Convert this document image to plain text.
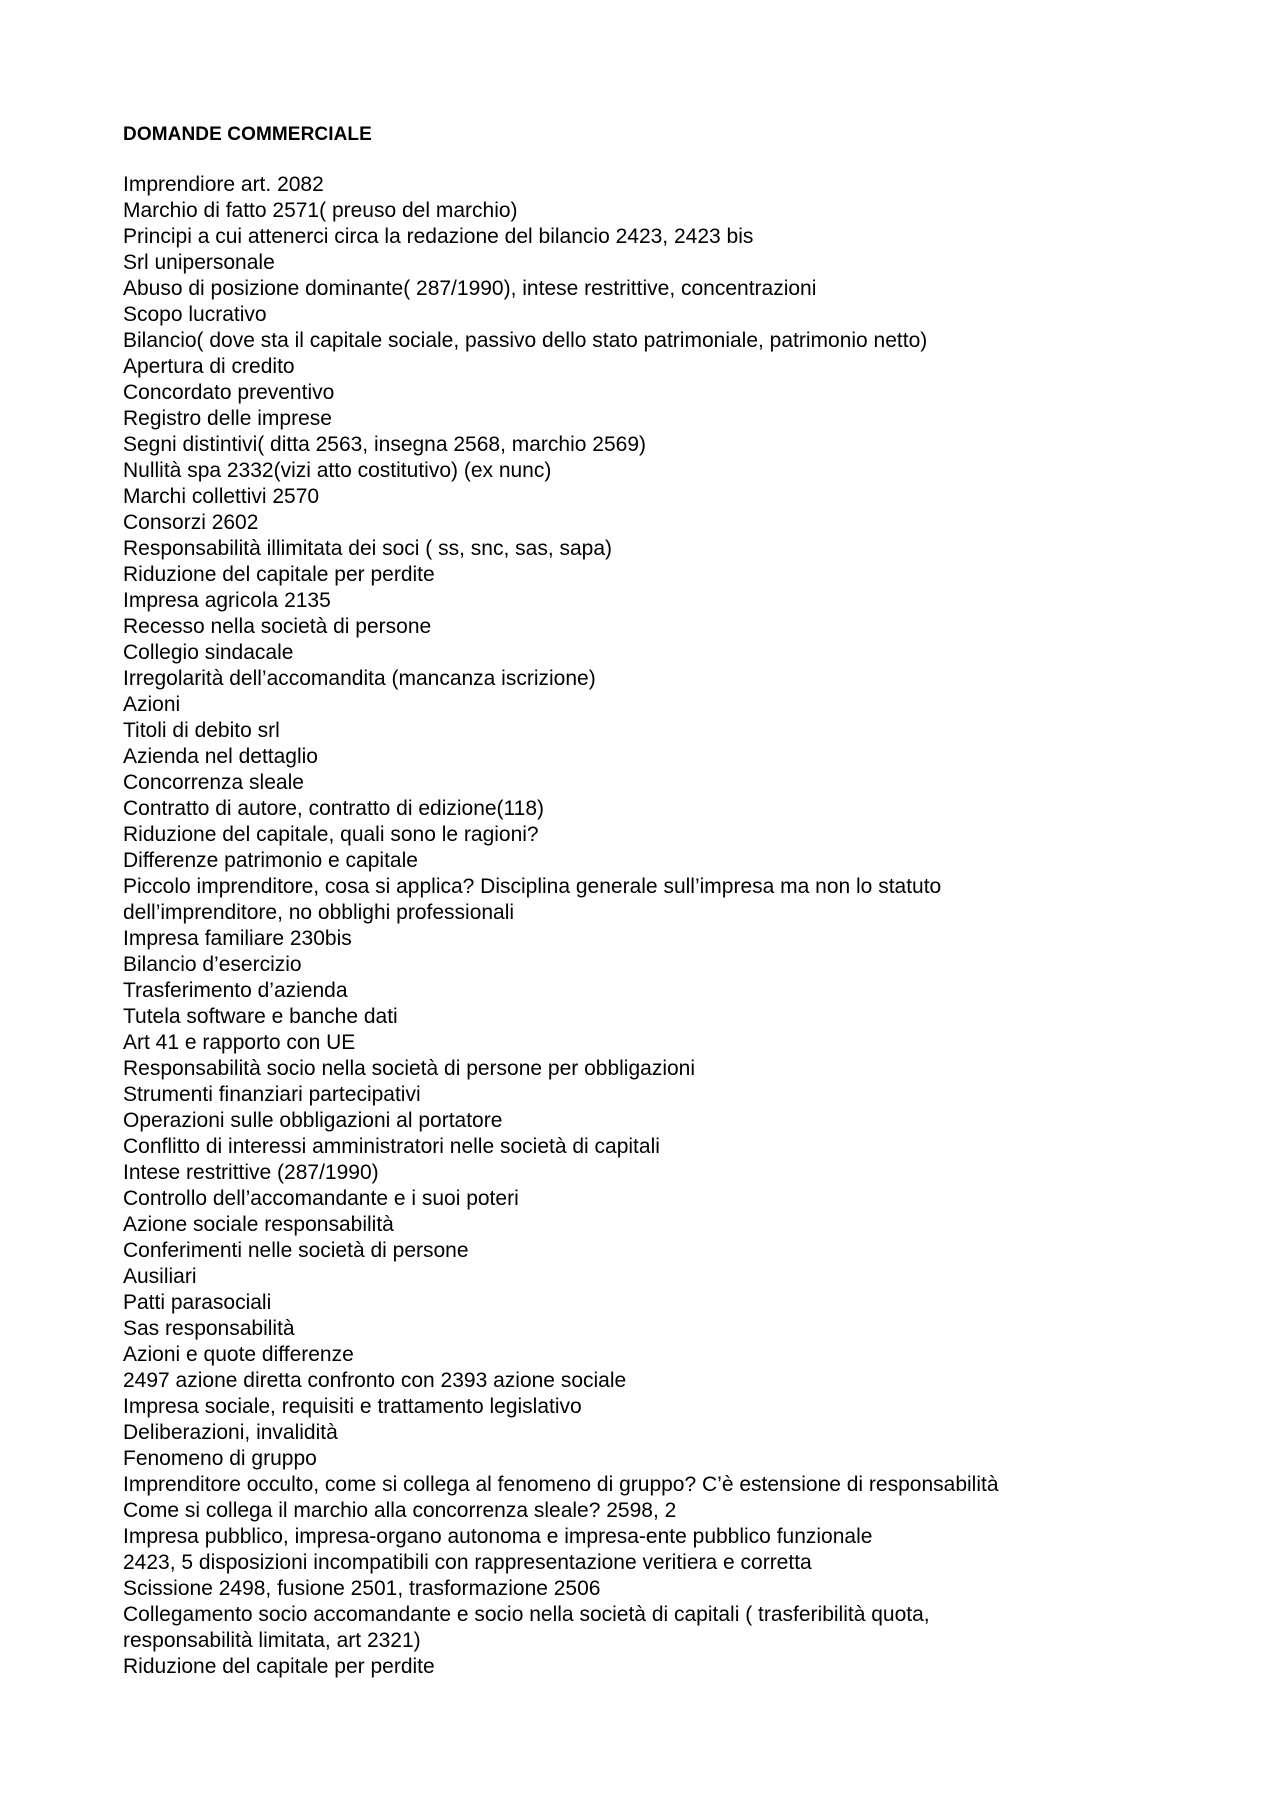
DOMANDE COMMERCIALE
Imprendiore art. 2082
Marchio di fatto 2571( preuso del marchio)
Principi a cui attenerci circa la redazione del bilancio 2423, 2423 bis
Srl unipersonale
Abuso di posizione dominante( 287/1990), intese restrittive, concentrazioni
Scopo lucrativo
Bilancio( dove sta il capitale sociale, passivo dello stato patrimoniale, patrimonio netto)
Apertura di credito
Concordato preventivo
Registro delle imprese
Segni distintivi( ditta 2563, insegna 2568, marchio 2569)
Nullità spa 2332(vizi atto costitutivo) (ex nunc)
Marchi collettivi 2570
Consorzi 2602
Responsabilità illimitata dei soci ( ss, snc, sas, sapa)
Riduzione del capitale per perdite
Impresa agricola 2135
Recesso nella società di persone
Collegio sindacale
Irregolarità dell’accomandita (mancanza iscrizione)
Azioni
Titoli di debito srl
Azienda nel dettaglio
Concorrenza sleale
Contratto di autore, contratto di edizione(118)
Riduzione del capitale, quali sono le ragioni?
Differenze patrimonio e capitale
Piccolo imprenditore, cosa si applica? Disciplina generale sull’impresa ma non lo statuto
dell’imprenditore, no obblighi professionali
Impresa familiare 230bis
Bilancio d’esercizio
Trasferimento d’azienda
Tutela software e banche dati
Art 41 e rapporto con UE
Responsabilità socio nella società di persone per obbligazioni
Strumenti finanziari partecipativi
Operazioni sulle obbligazioni al portatore
Conflitto di interessi amministratori nelle società di capitali
Intese restrittive (287/1990)
Controllo dell’accomandante e i suoi poteri
Azione sociale responsabilità
Conferimenti nelle società di persone
Ausiliari
Patti parasociali
Sas responsabilità
Azioni e quote differenze
2497 azione diretta confronto con 2393 azione sociale
Impresa sociale, requisiti e trattamento legislativo
Deliberazioni, invalidità
Fenomeno di gruppo
Imprenditore occulto, come si collega al fenomeno di gruppo? C’è estensione di responsabilità
Come si collega il marchio alla concorrenza sleale? 2598, 2
Impresa pubblico, impresa-organo autonoma e impresa-ente pubblico funzionale
2423, 5 disposizioni incompatibili con rappresentazione veritiera e corretta
Scissione 2498, fusione 2501, trasformazione 2506
Collegamento socio accomandante e socio nella società di capitali ( trasferibilità quota,
responsabilità limitata, art 2321)
Riduzione del capitale per perdite
